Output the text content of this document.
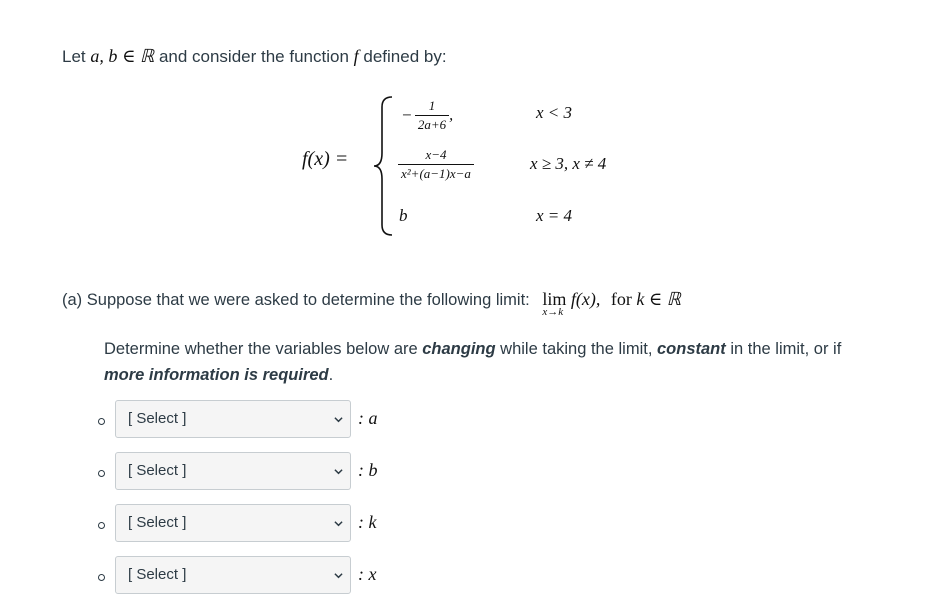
Let a, b ∈ ℝ and consider the function f defined by:
f(x) =
− $\frac{1}{2a+6}$ ,	x < 3
$\frac{x-4}{\text{x²+(a−1)x−a}}$	x ≥ 3, x ≠ 4
b	x = 4
(a) Suppose that we were asked to determine the following limit: lim
x→k
f(x), for k ∈ ℝ
Determine whether the variables below are changing while taking the limit, constant in the limit, or if more information is required.
[ Select ]	: a
[ Select ]	: b
[ Select ]	: k
[ Select ]	: x
